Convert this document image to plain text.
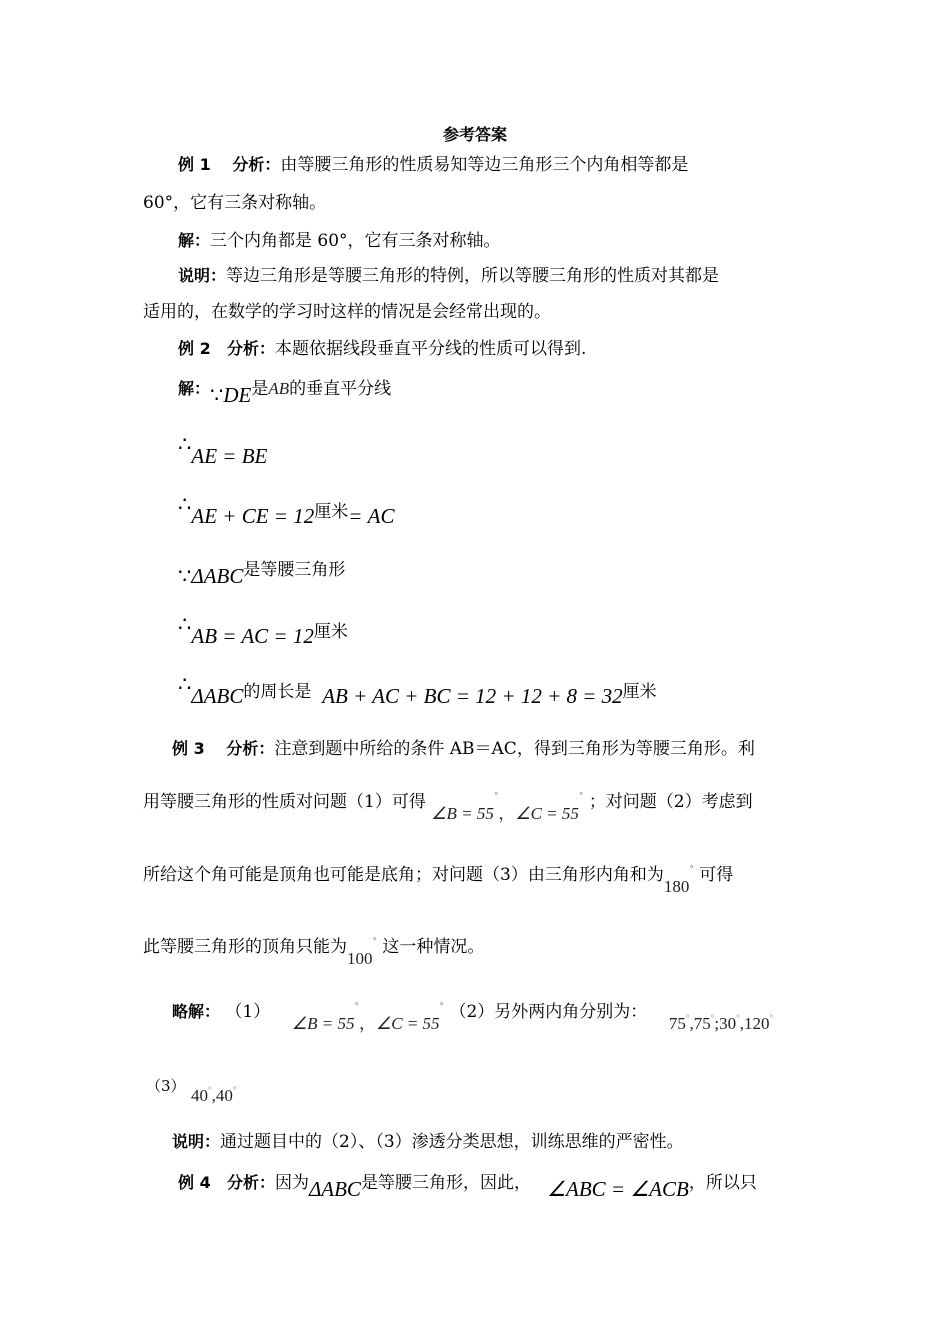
参考答案
例 1 分析：由等腰三角形的性质易知等边三角形三个内角相等都是
60°，它有三条对称轴。
解：三个内角都是 60°，它有三条对称轴。
说明：等边三角形是等腰三角形的特例，所以等腰三角形的性质对其都是
适用的，在数学的学习时这样的情况是会经常出现的。
例 2 分析：本题依据线段垂直平分线的性质可以得到.
解：∵DE是AB的垂直平分线
∴AE = BE
∴AE + CE = 12厘米= AC
∵ΔABC是等腰三角形
∴AB = AC = 12厘米
∴ΔABC的周长是 AB + AC + BC = 12 + 12 + 8 = 32厘米
例 3 分析：注意到题中所给的条件 AB＝AC，得到三角形为等腰三角形。利
用等腰三角形的性质对问题（1）可得 ∠B = 55°，∠C = 55° ；对问题（2）考虑到
所给这个角可能是顶角也可能是底角；对问题（3）由三角形内角和为180° 可得
此等腰三角形的顶角只能为100° 这一种情况。
略解： （1）    ∠B = 55°，∠C = 55° （2）另外两内角分别为：    75°,75°;30°,120°
（3） 40°,40°
说明：通过题目中的（2）、（3）渗透分类思想，训练思维的严密性。
例 4 分析：因为ΔABC是等腰三角形，因此， ∠ABC = ∠ACB，所以只
